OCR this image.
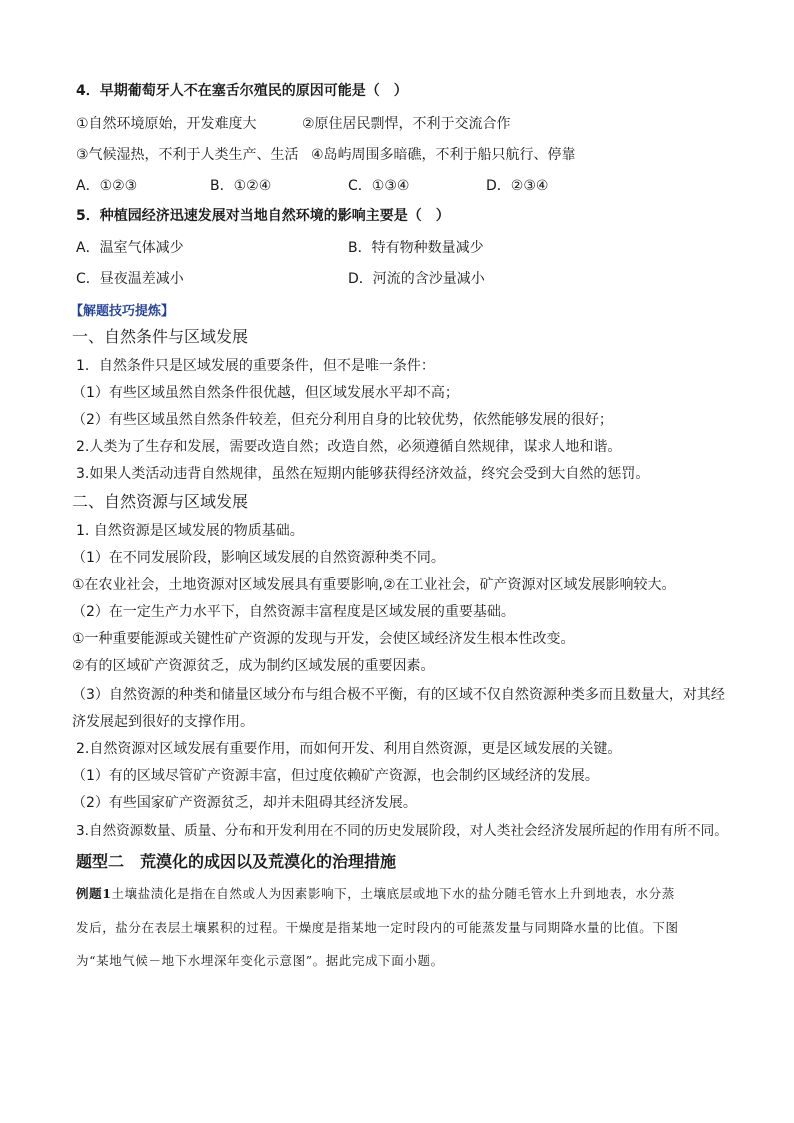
4．早期葡萄牙人不在塞舌尔殖民的原因可能是（　）
①自然环境原始，开发难度大	②原住居民剽悍，不利于交流合作
③气候湿热，不利于人类生产、生活 ④岛屿周围多暗礁，不利于船只航行、停靠
A．①②③	B．①②④	C．①③④	D．②③④
5．种植园经济迅速发展对当地自然环境的影响主要是（　）
A．温室气体减少	B．特有物种数量减少
C．昼夜温差减小	D．河流的含沙量减小
【解题技巧提炼】
一、自然条件与区域发展
1．自然条件只是区域发展的重要条件，但不是唯一条件：
（1）有些区域虽然自然条件很优越，但区域发展水平却不高；
（2）有些区域虽然自然条件较差，但充分利用自身的比较优势，依然能够发展的很好；
2.人类为了生存和发展，需要改造自然；改造自然，必须遵循自然规律，谋求人地和谐。
3.如果人类活动违背自然规律，虽然在短期内能够获得经济效益，终究会受到大自然的惩罚。
二、自然资源与区域发展
1. 自然资源是区域发展的物质基础。
（1）在不同发展阶段，影响区域发展的自然资源种类不同。
①在农业社会，土地资源对区域发展具有重要影响,②在工业社会，矿产资源对区域发展影响较大。
（2）在一定生产力水平下，自然资源丰富程度是区域发展的重要基础。
①一种重要能源或关键性矿产资源的发现与开发，会使区域经济发生根本性改变。
②有的区域矿产资源贫乏，成为制约区域发展的重要因素。
（3）自然资源的种类和储量区域分布与组合极不平衡，有的区域不仅自然资源种类多而且数量大，对其经
济发展起到很好的支撑作用。
2.自然资源对区域发展有重要作用，而如何开发、利用自然资源，更是区域发展的关键。
（1）有的区域尽管矿产资源丰富，但过度依赖矿产资源，也会制约区域经济的发展。
（2）有些国家矿产资源贫乏，却并未阻碍其经济发展。
3.自然资源数量、质量、分布和开发利用在不同的历史发展阶段，对人类社会经济发展所起的作用有所不同。
题型二　荒漠化的成因以及荒漠化的治理措施
例题1土壤盐渍化是指在自然或人为因素影响下，土壤底层或地下水的盐分随毛管水上升到地表，水分蒸
发后，盐分在表层土壤累积的过程。干燥度是指某地一定时段内的可能蒸发量与同期降水量的比值。下图
为“某地气候－地下水埋深年变化示意图”。据此完成下面小题。
